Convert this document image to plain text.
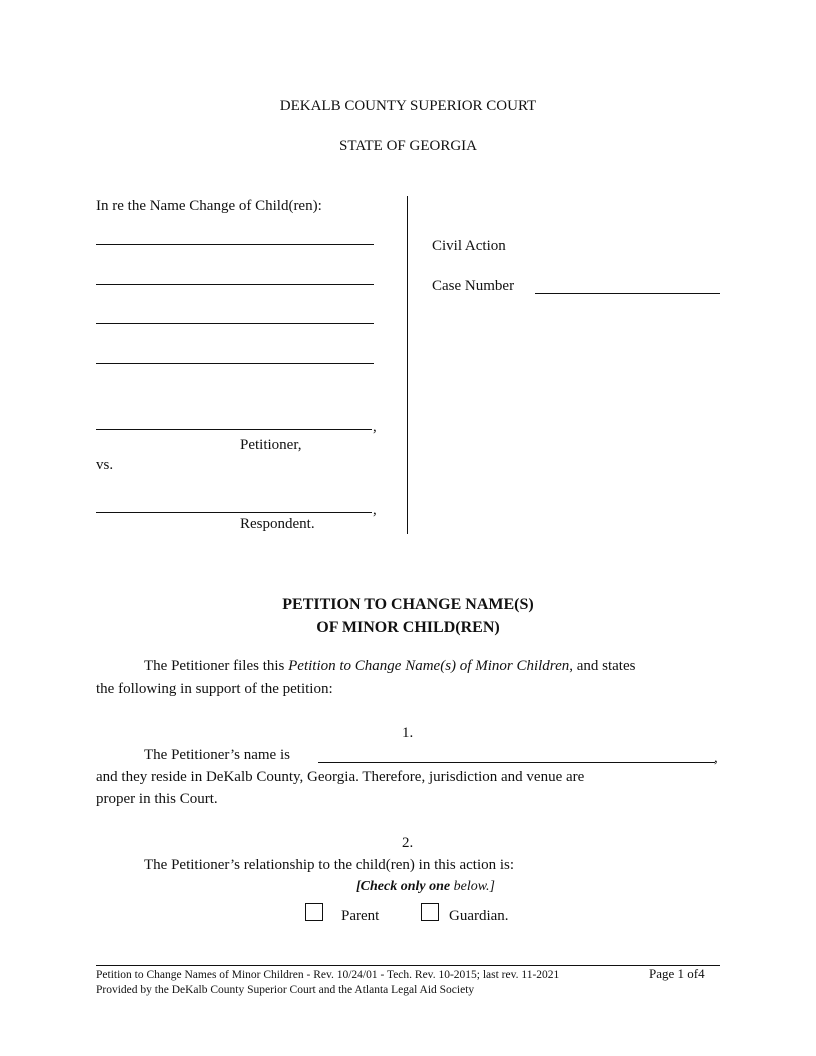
DEKALB COUNTY SUPERIOR COURT
STATE OF GEORGIA
In re the Name Change of Child(ren):
,
Petitioner,
vs.
,
Respondent.
Civil Action
Case Number
PETITION TO CHANGE NAME(S)
OF MINOR CHILD(REN)
The Petitioner files this Petition to Change Name(s) of Minor Children, and states
the following in support of the petition:
1.
The Petitioner’s name is	,
and they reside in DeKalb County, Georgia. Therefore, jurisdiction and venue are
proper in this Court.
2.
The Petitioner’s relationship to the child(ren) in this action is:
[Check only one below.]
Parent	Guardian.
Petition to Change Names of Minor Children - Rev. 10/24/01 - Tech. Rev. 10-2015; last rev. 11-2021	Page 1 of4
Provided by the DeKalb County Superior Court and the Atlanta Legal Aid Society
